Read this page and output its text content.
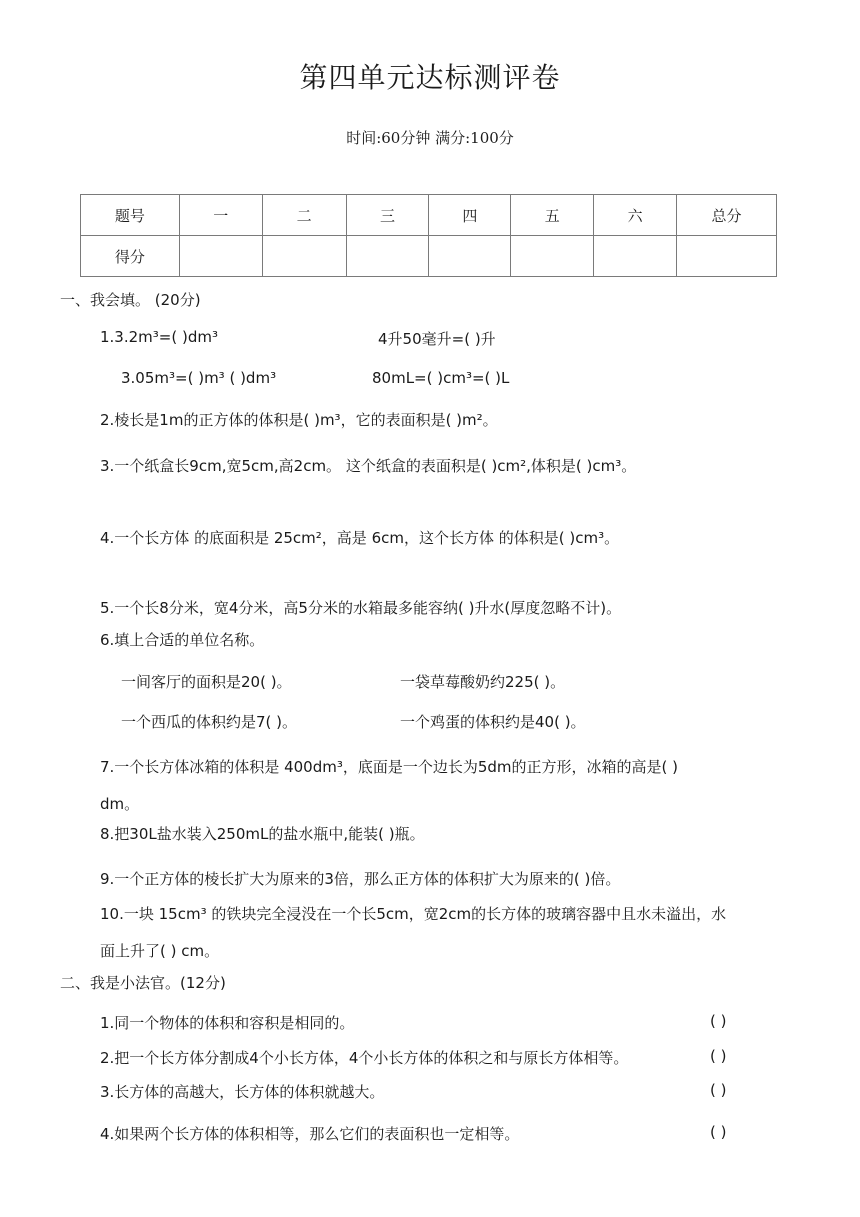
第四单元达标测评卷
时间:60分钟 满分:100分
题号	一	二	三	四	五	六	总分
得分							
一、我会填。 (20分)
1.3.2m³=( )dm³	4升50毫升=( )升
3.05m³=( )m³ ( )dm³	80mL=( )cm³=( )L
2.棱长是1m的正方体的体积是( )m³，它的表面积是( )m²。
3.一个纸盒长9cm,宽5cm,高2cm。 这个纸盒的表面积是( )cm²,体积是( )cm³。
4.一个长方体 的底面积是 25cm²，高是 6cm，这个长方体 的体积是( )cm³。
5.一个长8分米，宽4分米，高5分米的水箱最多能容纳( )升水(厚度忽略不计)。
6.填上合适的单位名称。
一间客厅的面积是20( )。	一袋草莓酸奶约225( )。
一个西瓜的体积约是7( )。	一个鸡蛋的体积约是40( )。
7.一个长方体冰箱的体积是 400dm³，底面是一个边长为5dm的正方形，冰箱的高是( )
dm。
8.把30L盐水装入250mL的盐水瓶中,能装( )瓶。
9.一个正方体的棱长扩大为原来的3倍，那么正方体的体积扩大为原来的( )倍。
10.一块 15cm³ 的铁块完全浸没在一个长5cm，宽2cm的长方体的玻璃容器中且水未溢出，水
面上升了( ) cm。
二、我是小法官。(12分)
1.同一个物体的体积和容积是相同的。	( )
2.把一个长方体分割成4个小长方体，4个小长方体的体积之和与原长方体相等。	( )
3.长方体的高越大，长方体的体积就越大。	( )
4.如果两个长方体的体积相等，那么它们的表面积也一定相等。	( )
